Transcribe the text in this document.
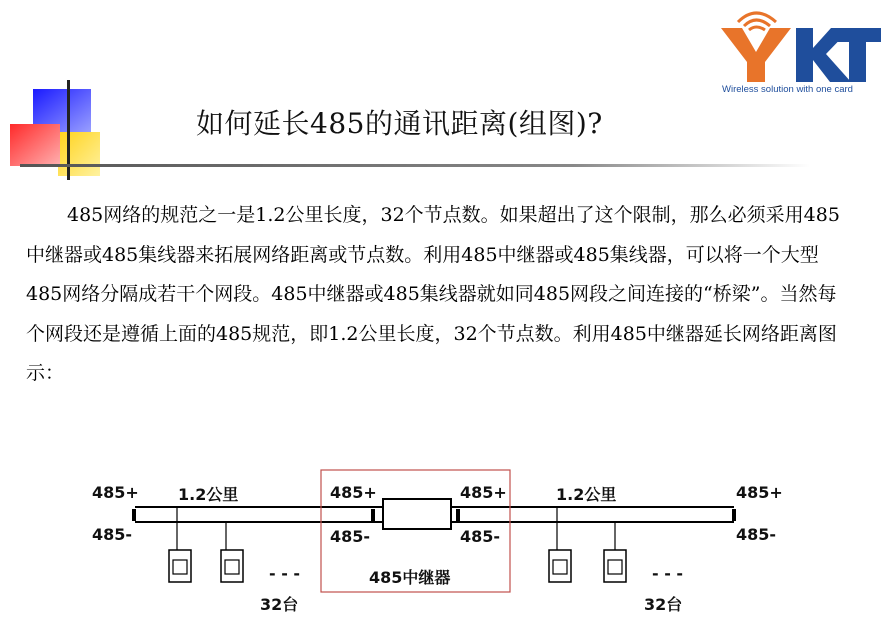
Wireless solution with one card
如何延长485的通讯距离(组图)?

485网络的规范之一是1.2公里长度，32个节点数。如果超出了这个限制，那么必须采用485中继器或485集线器来拓展网络距离或节点数。利用485中继器或485集线器，可以将一个大型485网络分隔成若干个网段。485中继器或485集线器就如同485网段之间连接的“桥梁”。当然每个网段还是遵循上面的485规范，即1.2公里长度，32个节点数。利用485中继器延长网络距离图示：

485+
485-
1.2公里	485+
485-
485+
485-
485中继器
1.2公里	485+
485-
- - -	- - -
32台	32台
